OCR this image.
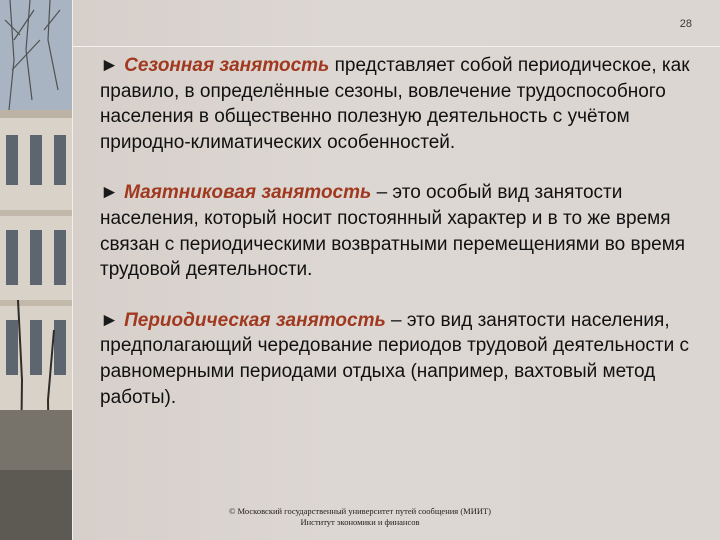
28

► Сезонная занятость представляет собой периодическое, как правило, в определённые сезоны, вовлечение трудоспособного населения в общественно полезную деятельность с учётом природно-климатических особенностей.

► Маятниковая занятость – это особый вид занятости населения, который носит постоянный характер и в то же время связан с периодическими возвратными перемещениями во время трудовой деятельности.

► Периодическая занятость – это вид занятости населения, предполагающий чередование периодов трудовой деятельности с равномерными периодами отдыха (например, вахтовый метод работы).

© Московский государственный университет путей сообщения (МИИТ)
Институт экономики и финансов
